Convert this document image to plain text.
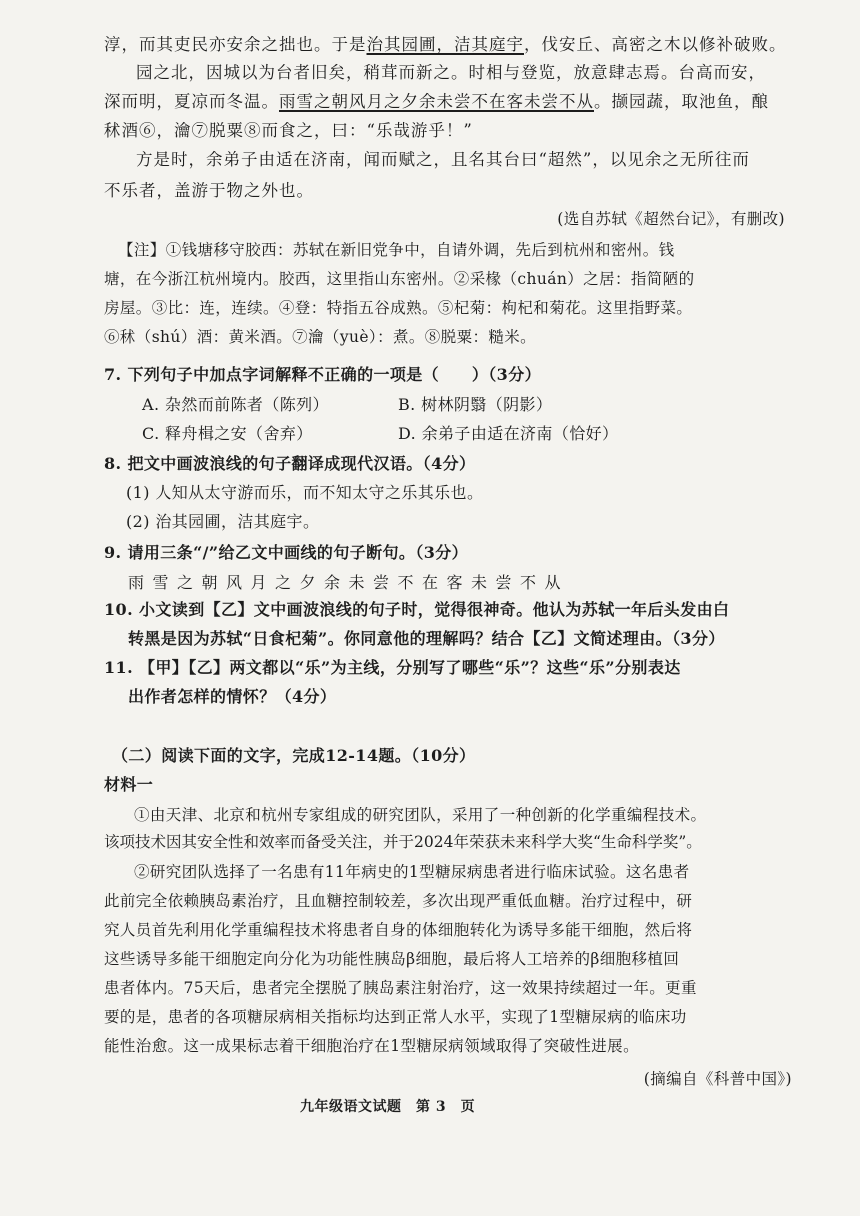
淳，而其吏民亦安余之拙也。于是治其园圃，洁其庭宇，伐安丘、高密之木以修补破败。
园之北，因城以为台者旧矣，稍茸而新之。时相与登览，放意肆志焉。台高而安，
深而明，夏凉而冬温。雨雪之朝风月之夕余未尝不在客未尝不从。撷园蔬，取池鱼，酿
秫酒⑥，瀹⑦脱粟⑧而食之，曰：“乐哉游乎！”
方是时，余弟子由适在济南，闻而赋之，且名其台曰“超然”，以见余之无所往而
不乐者，盖游于物之外也。
(选自苏轼《超然台记》，有删改)
【注】①钱塘移守胶西：苏轼在新旧党争中，自请外调，先后到杭州和密州。钱
塘，在今浙江杭州境内。胶西，这里指山东密州。②采椽（chuán）之居：指简陋的
房屋。③比：连，连续。④登：特指五谷成熟。⑤杞菊：枸杞和菊花。这里指野菜。
⑥秫（shú）酒：黄米酒。⑦瀹（yuè）：煮。⑧脱粟：糙米。
7. 下列句子中加点字词解释不正确的一项是（　　）（3分）
A. 杂然而前陈者（陈列）	B. 树林阴翳（阴影）
C. 释舟楫之安（舍弃）	D. 余弟子由适在济南（恰好）
8. 把文中画波浪线的句子翻译成现代汉语。（4分）
(1) 人知从太守游而乐，而不知太守之乐其乐也。
(2) 治其园圃，洁其庭宇。
9. 请用三条“/”给乙文中画线的句子断句。（3分）
雨雪之朝风月之夕余未尝不在客未尝不从
10. 小文读到【乙】文中画波浪线的句子时，觉得很神奇。他认为苏轼一年后头发由白
转黑是因为苏轼“日食杞菊”。你同意他的理解吗？结合【乙】文简述理由。（3分）
11. 【甲】【乙】两文都以“乐”为主线，分别写了哪些“乐”？这些“乐”分别表达
出作者怎样的情怀？（4分）
（二）阅读下面的文字，完成12-14题。（10分）
材料一
①由天津、北京和杭州专家组成的研究团队，采用了一种创新的化学重编程技术。
该项技术因其安全性和效率而备受关注，并于2024年荣获未来科学大奖“生命科学奖”。
②研究团队选择了一名患有11年病史的1型糖尿病患者进行临床试验。这名患者
此前完全依赖胰岛素治疗，且血糖控制较差，多次出现严重低血糖。治疗过程中，研
究人员首先利用化学重编程技术将患者自身的体细胞转化为诱导多能干细胞，然后将
这些诱导多能干细胞定向分化为功能性胰岛β细胞，最后将人工培养的β细胞移植回
患者体内。75天后，患者完全摆脱了胰岛素注射治疗，这一效果持续超过一年。更重
要的是，患者的各项糖尿病相关指标均达到正常人水平，实现了1型糖尿病的临床功
能性治愈。这一成果标志着干细胞治疗在1型糖尿病领域取得了突破性进展。
(摘编自《科普中国》)
九年级语文试题　第 3　页
